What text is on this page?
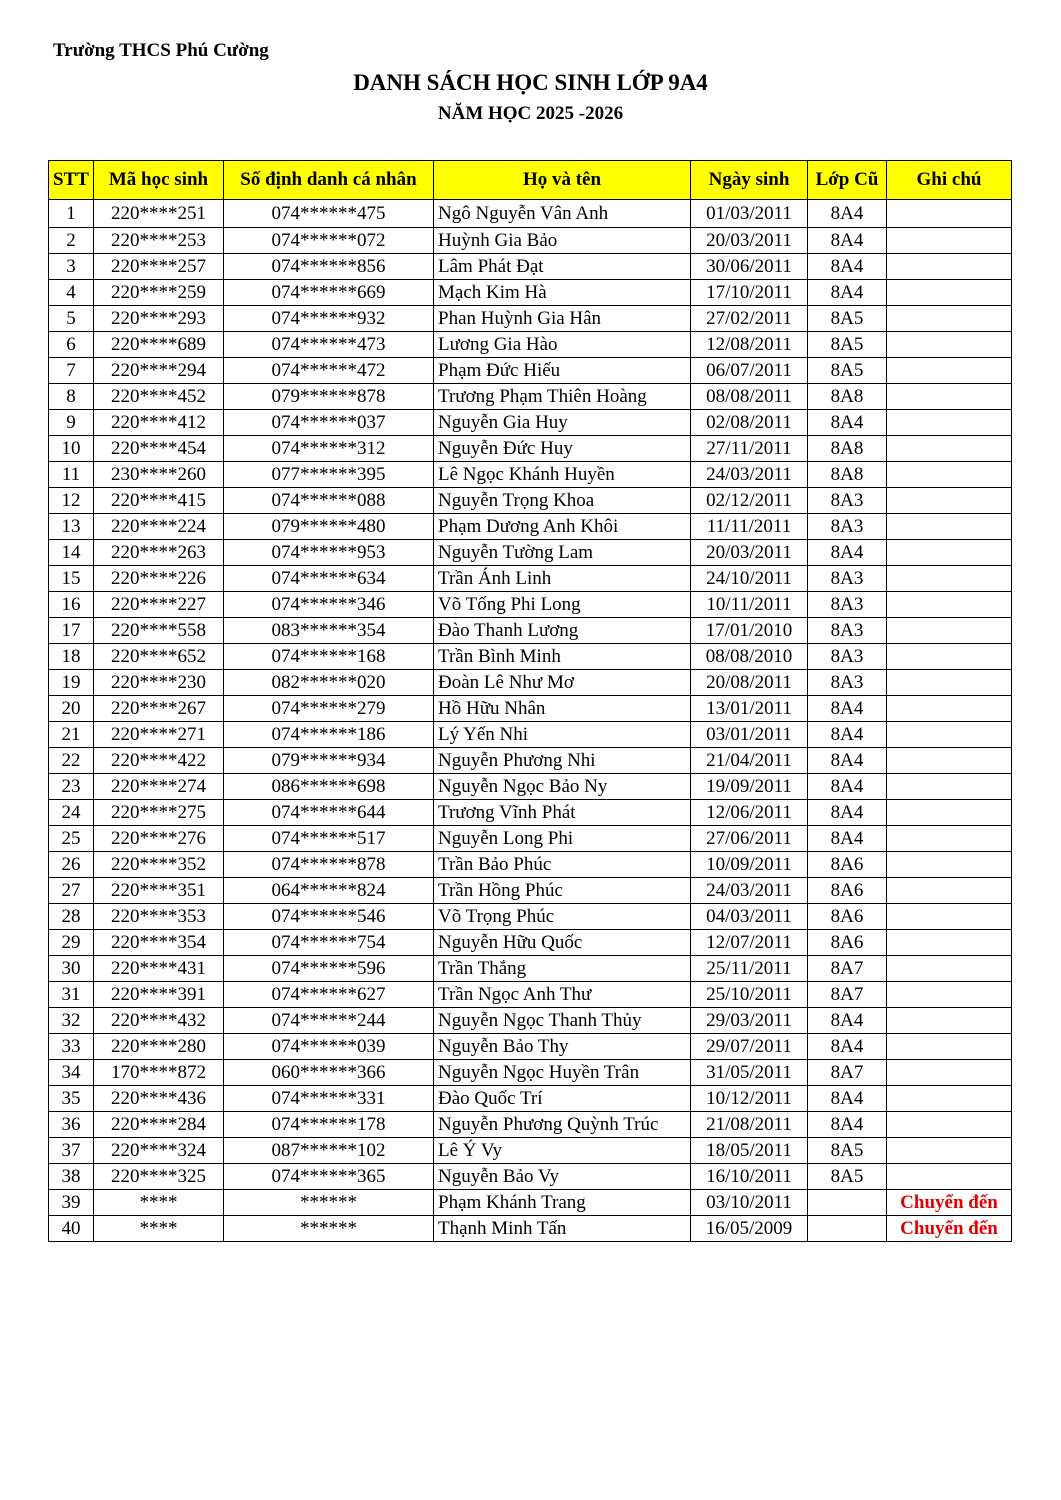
Trường THCS Phú Cường
DANH SÁCH HỌC SINH LỚP 9A4
NĂM HỌC 2025 -2026
STT	Mã học sinh	Số định danh cá nhân	Họ và tên	Ngày sinh	Lớp Cũ	Ghi chú
1	220****251	074******475	Ngô Nguyễn Vân Anh	01/03/2011	8A4	
2	220****253	074******072	Huỳnh Gia Bảo	20/03/2011	8A4	
3	220****257	074******856	Lâm Phát Đạt	30/06/2011	8A4	
4	220****259	074******669	Mạch Kim Hà	17/10/2011	8A4	
5	220****293	074******932	Phan Huỳnh Gia Hân	27/02/2011	8A5	
6	220****689	074******473	Lương Gia Hào	12/08/2011	8A5	
7	220****294	074******472	Phạm Đức Hiếu	06/07/2011	8A5	
8	220****452	079******878	Trương Phạm Thiên Hoàng	08/08/2011	8A8	
9	220****412	074******037	Nguyễn Gia Huy	02/08/2011	8A4	
10	220****454	074******312	Nguyễn Đức Huy	27/11/2011	8A8	
11	230****260	077******395	Lê Ngọc Khánh Huyền	24/03/2011	8A8	
12	220****415	074******088	Nguyễn Trọng Khoa	02/12/2011	8A3	
13	220****224	079******480	Phạm Dương Anh Khôi	11/11/2011	8A3	
14	220****263	074******953	Nguyễn Tường Lam	20/03/2011	8A4	
15	220****226	074******634	Trần Ánh Linh	24/10/2011	8A3	
16	220****227	074******346	Võ Tống Phi Long	10/11/2011	8A3	
17	220****558	083******354	Đào Thanh Lương	17/01/2010	8A3	
18	220****652	074******168	Trần Bình Minh	08/08/2010	8A3	
19	220****230	082******020	Đoàn Lê Như Mơ	20/08/2011	8A3	
20	220****267	074******279	Hồ Hữu Nhân	13/01/2011	8A4	
21	220****271	074******186	Lý Yến Nhi	03/01/2011	8A4	
22	220****422	079******934	Nguyễn Phương Nhi	21/04/2011	8A4	
23	220****274	086******698	Nguyễn Ngọc Bảo Ny	19/09/2011	8A4	
24	220****275	074******644	Trương Vĩnh Phát	12/06/2011	8A4	
25	220****276	074******517	Nguyễn Long Phi	27/06/2011	8A4	
26	220****352	074******878	Trần Bảo Phúc	10/09/2011	8A6	
27	220****351	064******824	Trần Hồng Phúc	24/03/2011	8A6	
28	220****353	074******546	Võ Trọng Phúc	04/03/2011	8A6	
29	220****354	074******754	Nguyễn Hữu Quốc	12/07/2011	8A6	
30	220****431	074******596	Trần Thắng	25/11/2011	8A7	
31	220****391	074******627	Trần Ngọc Anh Thư	25/10/2011	8A7	
32	220****432	074******244	Nguyễn Ngọc Thanh Thủy	29/03/2011	8A4	
33	220****280	074******039	Nguyễn Bảo Thy	29/07/2011	8A4	
34	170****872	060******366	Nguyễn Ngọc Huyền Trân	31/05/2011	8A7	
35	220****436	074******331	Đào Quốc Trí	10/12/2011	8A4	
36	220****284	074******178	Nguyễn Phương Quỳnh Trúc	21/08/2011	8A4	
37	220****324	087******102	Lê Ý Vy	18/05/2011	8A5	
38	220****325	074******365	Nguyễn Bảo Vy	16/10/2011	8A5	
39	****	******	Phạm Khánh Trang	03/10/2011		Chuyển đến
40	****	******	Thạnh Minh Tấn	16/05/2009		Chuyển đến
